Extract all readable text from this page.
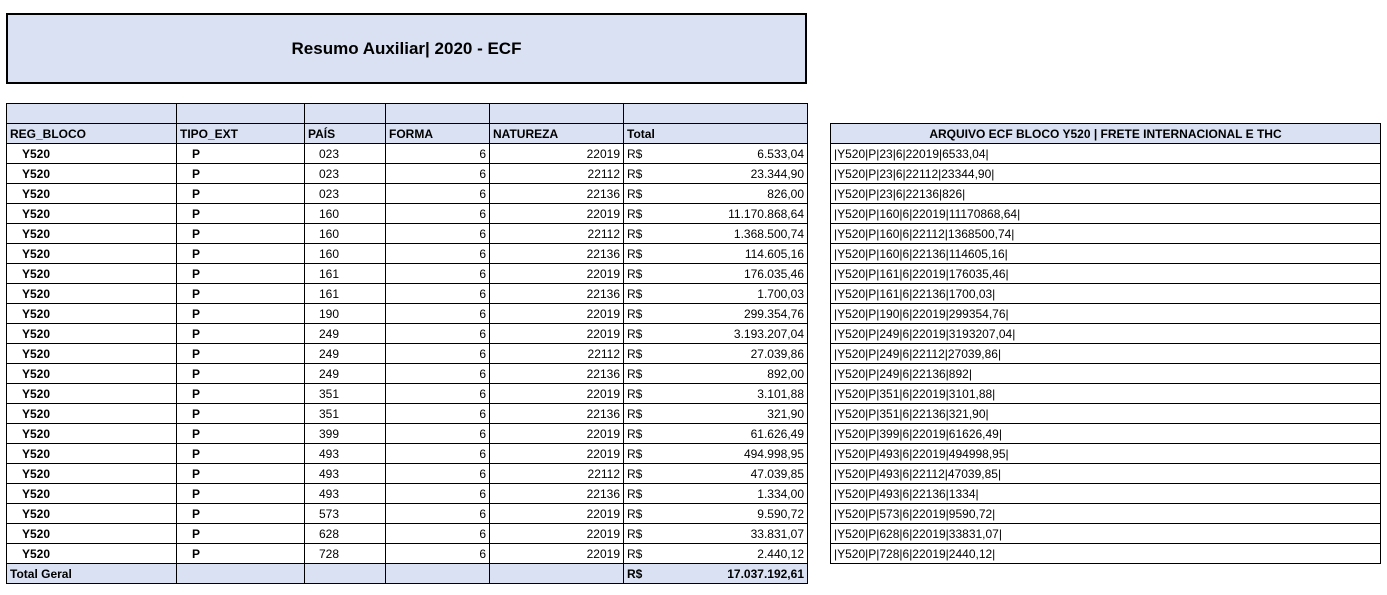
Resumo Auxiliar| 2020 - ECF

REG_BLOCO	TIPO_EXT	PAÍS	FORMA	NATUREZA	Total
Y520	P	023	6	22019	R$ 6.533,04

Y520	P	023	6	22112	R$ 23.344,90

Y520	P	023	6	22136	R$ 826,00

Y520	P	160	6	22019	R$ 11.170.868,64

Y520	P	160	6	22112	R$ 1.368.500,74

Y520	P	160	6	22136	R$ 114.605,16

Y520	P	161	6	22019	R$ 176.035,46

Y520	P	161	6	22136	R$ 1.700,03

Y520	P	190	6	22019	R$ 299.354,76

Y520	P	249	6	22019	R$ 3.193.207,04

Y520	P	249	6	22112	R$ 27.039,86

Y520	P	249	6	22136	R$ 892,00

Y520	P	351	6	22019	R$ 3.101,88

Y520	P	351	6	22136	R$ 321,90

Y520	P	399	6	22019	R$ 61.626,49

Y520	P	493	6	22019	R$ 494.998,95

Y520	P	493	6	22112	R$ 47.039,85

Y520	P	493	6	22136	R$ 1.334,00

Y520	P	573	6	22019	R$ 9.590,72

Y520	P	628	6	22019	R$ 33.831,07

Y520	P	728	6	22019	R$ 2.440,12

Total Geral					R$ 17.037.192,61
ARQUIVO ECF BLOCO Y520 | FRETE INTERNACIONAL E THC
|Y520|P|23|6|22019|6533,04|
|Y520|P|23|6|22112|23344,90|
|Y520|P|23|6|22136|826|
|Y520|P|160|6|22019|11170868,64|
|Y520|P|160|6|22112|1368500,74|
|Y520|P|160|6|22136|114605,16|
|Y520|P|161|6|22019|176035,46|
|Y520|P|161|6|22136|1700,03|
|Y520|P|190|6|22019|299354,76|
|Y520|P|249|6|22019|3193207,04|
|Y520|P|249|6|22112|27039,86|
|Y520|P|249|6|22136|892|
|Y520|P|351|6|22019|3101,88|
|Y520|P|351|6|22136|321,90|
|Y520|P|399|6|22019|61626,49|
|Y520|P|493|6|22019|494998,95|
|Y520|P|493|6|22112|47039,85|
|Y520|P|493|6|22136|1334|
|Y520|P|573|6|22019|9590,72|
|Y520|P|628|6|22019|33831,07|
|Y520|P|728|6|22019|2440,12|
